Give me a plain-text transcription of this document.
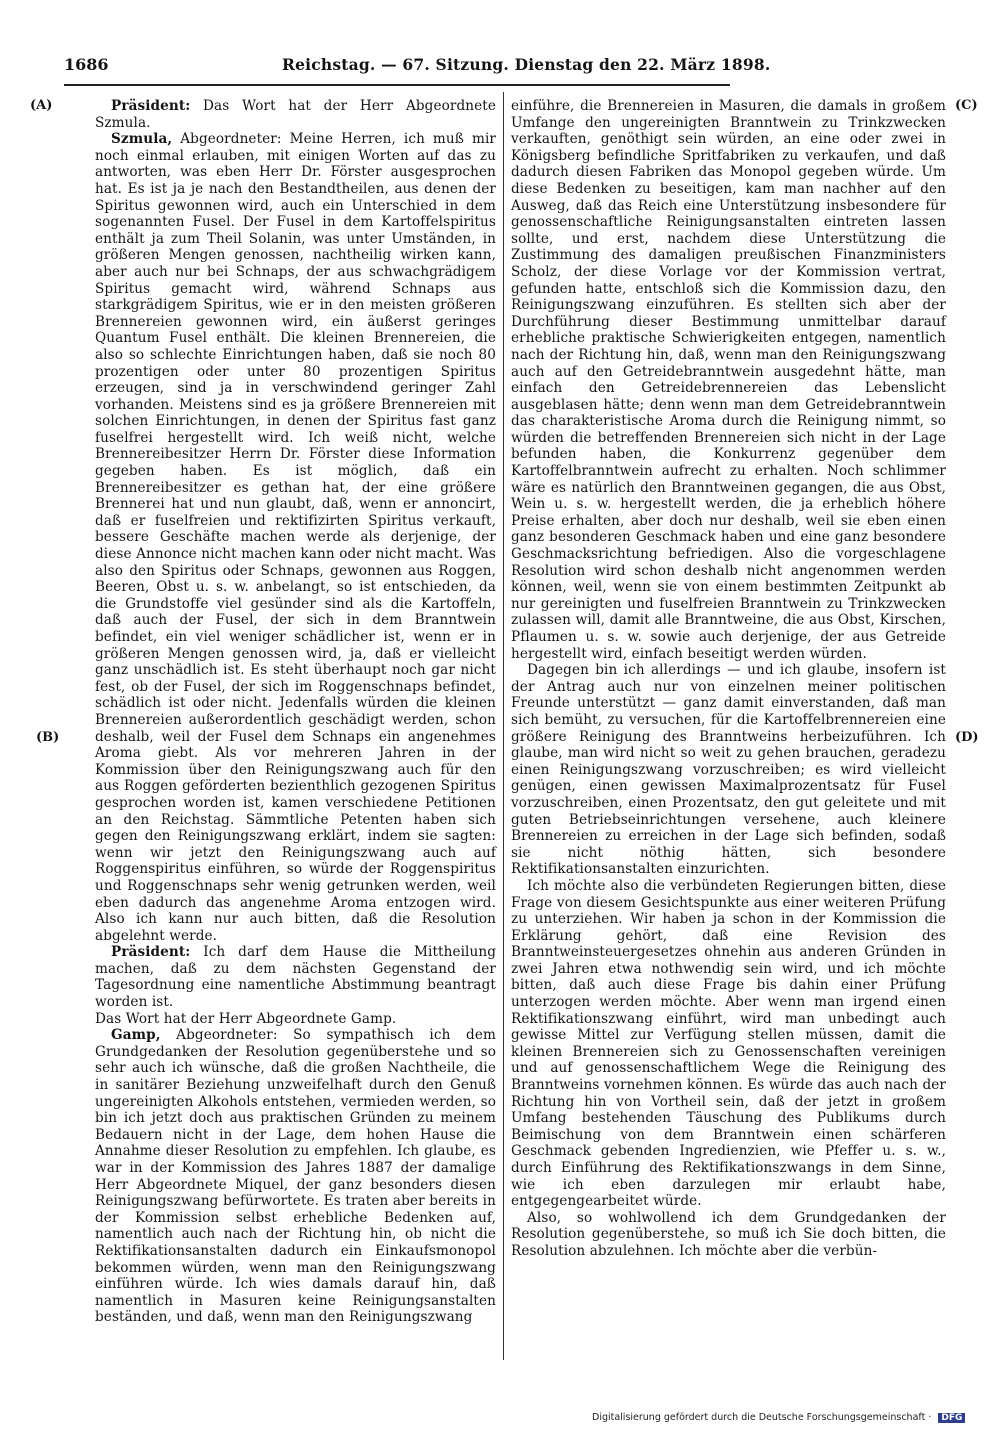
1686	Reichstag. — 67. Sitzung. Dienstag den 22. März 1898.
(A)
(B)
(C)
(D)

Präsident: Das Wort hat der Herr Abgeordnete Szmula.

Szmula, Abgeordneter: Meine Herren, ich muß mir noch einmal erlauben, mit einigen Worten auf das zu antworten, was eben Herr Dr. Förster ausgesprochen hat. Es ist ja je nach den Bestandtheilen, aus denen der Spiritus gewonnen wird, auch ein Unterschied in dem sogenannten Fusel. Der Fusel in dem Kartoffelspiritus enthält ja zum Theil Solanin, was unter Umständen, in größeren Mengen genossen, nachtheilig wirken kann, aber auch nur bei Schnaps, der aus schwachgrädigem Spiritus gemacht wird, während Schnaps aus starkgrädigem Spiritus, wie er in den meisten größeren Brennereien gewonnen wird, ein äußerst geringes Quantum Fusel enthält. Die kleinen Brennereien, die also so schlechte Einrichtungen haben, daß sie noch 80 prozentigen oder unter 80 prozentigen Spiritus erzeugen, sind ja in verschwindend geringer Zahl vorhanden. Meistens sind es ja größere Brennereien mit solchen Einrichtungen, in denen der Spiritus fast ganz fuselfrei hergestellt wird. Ich weiß nicht, welche Brennereibesitzer Herrn Dr. Förster diese Information gegeben haben. Es ist möglich, daß ein Brennereibesitzer es gethan hat, der eine größere Brennerei hat und nun glaubt, daß, wenn er annoncirt, daß er fuselfreien und rektifizirten Spiritus verkauft, bessere Geschäfte machen werde als derjenige, der diese Annonce nicht machen kann oder nicht macht. Was also den Spiritus oder Schnaps, gewonnen aus Roggen, Beeren, Obst u. s. w. anbelangt, so ist entschieden, da die Grundstoffe viel gesünder sind als die Kartoffeln, daß auch der Fusel, der sich in dem Branntwein befindet, ein viel weniger schädlicher ist, wenn er in größeren Mengen genossen wird, ja, daß er vielleicht ganz unschädlich ist. Es steht überhaupt noch gar nicht fest, ob der Fusel, der sich im Roggenschnaps befindet, schädlich ist oder nicht. Jedenfalls würden die kleinen Brennereien außerordentlich geschädigt werden, schon deshalb, weil der Fusel dem Schnaps ein angenehmes Aroma giebt. Als vor mehreren Jahren in der Kommission über den Reinigungszwang auch für den aus Roggen geförderten bezienthlich gezogenen Spiritus gesprochen worden ist, kamen verschiedene Petitionen an den Reichstag. Sämmtliche Petenten haben sich gegen den Reinigungszwang erklärt, indem sie sagten: wenn wir jetzt den Reinigungszwang auch auf Roggenspiritus einführen, so würde der Roggenspiritus und Roggenschnaps sehr wenig getrunken werden, weil eben dadurch das angenehme Aroma entzogen wird. Also ich kann nur auch bitten, daß die Resolution abgelehnt werde.

Präsident: Ich darf dem Hause die Mittheilung machen, daß zu dem nächsten Gegenstand der Tagesordnung eine namentliche Abstimmung beantragt worden ist.

Das Wort hat der Herr Abgeordnete Gamp.

Gamp, Abgeordneter: So sympathisch ich dem Grundgedanken der Resolution gegenüberstehe und so sehr auch ich wünsche, daß die großen Nachtheile, die in sanitärer Beziehung unzweifelhaft durch den Genuß ungereinigten Alkohols entstehen, vermieden werden, so bin ich jetzt doch aus praktischen Gründen zu meinem Bedauern nicht in der Lage, dem hohen Hause die Annahme dieser Resolution zu empfehlen. Ich glaube, es war in der Kommission des Jahres 1887 der damalige Herr Abgeordnete Miquel, der ganz besonders diesen Reinigungszwang befürwortete. Es traten aber bereits in der Kommission selbst erhebliche Bedenken auf, namentlich auch nach der Richtung hin, ob nicht die Rektifikationsanstalten dadurch ein Einkaufsmonopol bekommen würden, wenn man den Reinigungszwang einführen würde. Ich wies damals darauf hin, daß namentlich in Masuren keine Reinigungsanstalten beständen, und daß, wenn man den Reinigungszwang

einführe, die Brennereien in Masuren, die damals in großem Umfange den ungereinigten Branntwein zu Trinkzwecken verkauften, genöthigt sein würden, an eine oder zwei in Königsberg befindliche Spritfabriken zu verkaufen, und daß dadurch diesen Fabriken das Monopol gegeben würde. Um diese Bedenken zu beseitigen, kam man nachher auf den Ausweg, daß das Reich eine Unterstützung insbesondere für genossenschaftliche Reinigungsanstalten eintreten lassen sollte, und erst, nachdem diese Unterstützung die Zustimmung des damaligen preußischen Finanzministers Scholz, der diese Vorlage vor der Kommission vertrat, gefunden hatte, entschloß sich die Kommission dazu, den Reinigungszwang einzuführen. Es stellten sich aber der Durchführung dieser Bestimmung unmittelbar darauf erhebliche praktische Schwierigkeiten entgegen, namentlich nach der Richtung hin, daß, wenn man den Reinigungszwang auch auf den Getreidebranntwein ausgedehnt hätte, man einfach den Getreidebrennereien das Lebenslicht ausgeblasen hätte; denn wenn man dem Getreidebranntwein das charakteristische Aroma durch die Reinigung nimmt, so würden die betreffenden Brennereien sich nicht in der Lage befunden haben, die Konkurrenz gegenüber dem Kartoffelbranntwein aufrecht zu erhalten. Noch schlimmer wäre es natürlich den Branntweinen gegangen, die aus Obst, Wein u. s. w. hergestellt werden, die ja erheblich höhere Preise erhalten, aber doch nur deshalb, weil sie eben einen ganz besonderen Geschmack haben und eine ganz besondere Geschmacksrichtung befriedigen. Also die vorgeschlagene Resolution wird schon deshalb nicht angenommen werden können, weil, wenn sie von einem bestimmten Zeitpunkt ab nur gereinigten und fuselfreien Branntwein zu Trinkzwecken zulassen will, damit alle Branntweine, die aus Obst, Kirschen, Pflaumen u. s. w. sowie auch derjenige, der aus Getreide hergestellt wird, einfach beseitigt werden würden.

Dagegen bin ich allerdings — und ich glaube, insofern ist der Antrag auch nur von einzelnen meiner politischen Freunde unterstützt — ganz damit einverstanden, daß man sich bemüht, zu versuchen, für die Kartoffelbrennereien eine größere Reinigung des Branntweins herbeizuführen. Ich glaube, man wird nicht so weit zu gehen brauchen, geradezu einen Reinigungszwang vorzuschreiben; es wird vielleicht genügen, einen gewissen Maximalprozentsatz für Fusel vorzuschreiben, einen Prozentsatz, den gut geleitete und mit guten Betriebseinrichtungen versehene, auch kleinere Brennereien zu erreichen in der Lage sich befinden, sodaß sie nicht nöthig hätten, sich besondere Rektifikationsanstalten einzurichten.

Ich möchte also die verbündeten Regierungen bitten, diese Frage von diesem Gesichtspunkte aus einer weiteren Prüfung zu unterziehen. Wir haben ja schon in der Kommission die Erklärung gehört, daß eine Revision des Branntweinsteuergesetzes ohnehin aus anderen Gründen in zwei Jahren etwa nothwendig sein wird, und ich möchte bitten, daß auch diese Frage bis dahin einer Prüfung unterzogen werden möchte. Aber wenn man irgend einen Rektifikationszwang einführt, wird man unbedingt auch gewisse Mittel zur Verfügung stellen müssen, damit die kleinen Brennereien sich zu Genossenschaften vereinigen und auf genossenschaftlichem Wege die Reinigung des Branntweins vornehmen können. Es würde das auch nach der Richtung hin von Vortheil sein, daß der jetzt in großem Umfang bestehenden Täuschung des Publikums durch Beimischung von dem Branntwein einen schärferen Geschmack gebenden Ingredienzien, wie Pfeffer u. s. w., durch Einführung des Rektifikationszwangs in dem Sinne, wie ich eben darzulegen mir erlaubt habe, entgegengearbeitet würde.

Also, so wohlwollend ich dem Grundgedanken der Resolution gegenüberstehe, so muß ich Sie doch bitten, die Resolution abzulehnen. Ich möchte aber die verbün-

Digitalisierung gefördert durch die Deutsche Forschungsgemeinschaft · DFG
